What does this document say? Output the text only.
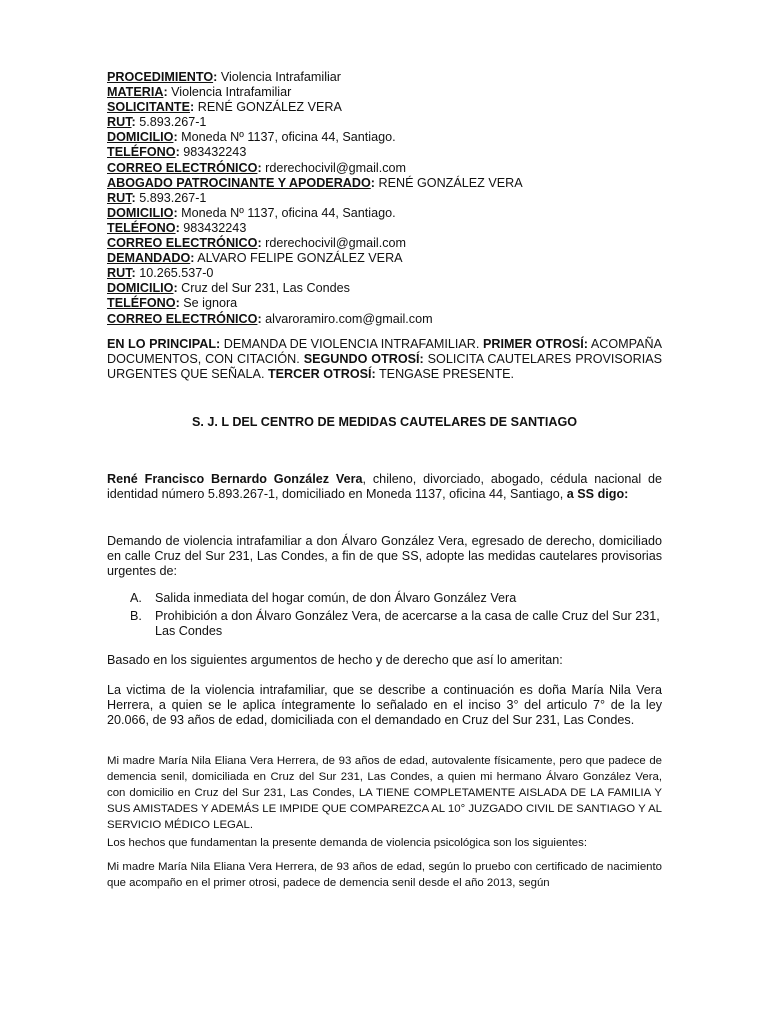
PROCEDIMIENTO: Violencia Intrafamiliar
MATERIA: Violencia Intrafamiliar
SOLICITANTE: RENÉ GONZÁLEZ VERA
RUT: 5.893.267-1
DOMICILIO: Moneda Nº 1137, oficina 44, Santiago.
TELÉFONO: 983432243
CORREO ELECTRÓNICO: rderechocivil@gmail.com
ABOGADO PATROCINANTE Y APODERADO: RENÉ GONZÁLEZ VERA
RUT: 5.893.267-1
DOMICILIO: Moneda Nº 1137, oficina 44, Santiago.
TELÉFONO: 983432243
CORREO ELECTRÓNICO: rderechocivil@gmail.com
DEMANDADO: ALVARO FELIPE GONZÁLEZ VERA
RUT: 10.265.537-0
DOMICILIO: Cruz del Sur 231, Las Condes
TELÉFONO: Se ignora
CORREO ELECTRÓNICO: alvaroramiro.com@gmail.com
EN LO PRINCIPAL: DEMANDA DE VIOLENCIA INTRAFAMILIAR. PRIMER OTROSÍ: ACOMPAÑA DOCUMENTOS, CON CITACIÓN. SEGUNDO OTROSÍ: SOLICITA CAUTELARES PROVISORIAS URGENTES QUE SEÑALA. TERCER OTROSÍ: TENGASE PRESENTE.
S. J. L DEL CENTRO DE MEDIDAS CAUTELARES DE SANTIAGO
René Francisco Bernardo González Vera, chileno, divorciado, abogado, cédula nacional de identidad número 5.893.267-1, domiciliado en Moneda 1137, oficina 44, Santiago, a SS digo:
Demando de violencia intrafamiliar a don Álvaro González Vera, egresado de derecho, domiciliado en calle Cruz del Sur 231, Las Condes, a fin de que SS, adopte las medidas cautelares provisorias urgentes de:
A.	Salida inmediata del hogar común, de don Álvaro González Vera
B.	Prohibición a don Álvaro González Vera, de acercarse a la casa de calle Cruz del Sur 231, Las Condes
Basado en los siguientes argumentos de hecho y de derecho que así lo ameritan:
La victima de la violencia intrafamiliar, que se describe a continuación es doña María Nila Vera Herrera, a quien se le aplica íntegramente lo señalado en el inciso 3° del articulo 7° de la ley 20.066, de 93 años de edad, domiciliada con el demandado en Cruz del Sur 231, Las Condes.
Mi madre María Nila Eliana Vera Herrera, de 93 años de edad, autovalente físicamente, pero que padece de demencia senil, domiciliada en Cruz del Sur 231, Las Condes, a quien mi hermano Álvaro González Vera, con domicilio en Cruz del Sur 231, Las Condes, LA TIENE COMPLETAMENTE AISLADA DE LA FAMILIA Y SUS AMISTADES Y ADEMÁS LE IMPIDE QUE COMPAREZCA AL 10° JUZGADO CIVIL DE SANTIAGO Y AL SERVICIO MÉDICO LEGAL.
Los hechos que fundamentan la presente demanda de violencia psicológica son los siguientes:
Mi madre María Nila Eliana Vera Herrera, de 93 años de edad, según lo pruebo con certificado de nacimiento que acompaño en el primer otrosi, padece de demencia senil desde el año 2013, según
